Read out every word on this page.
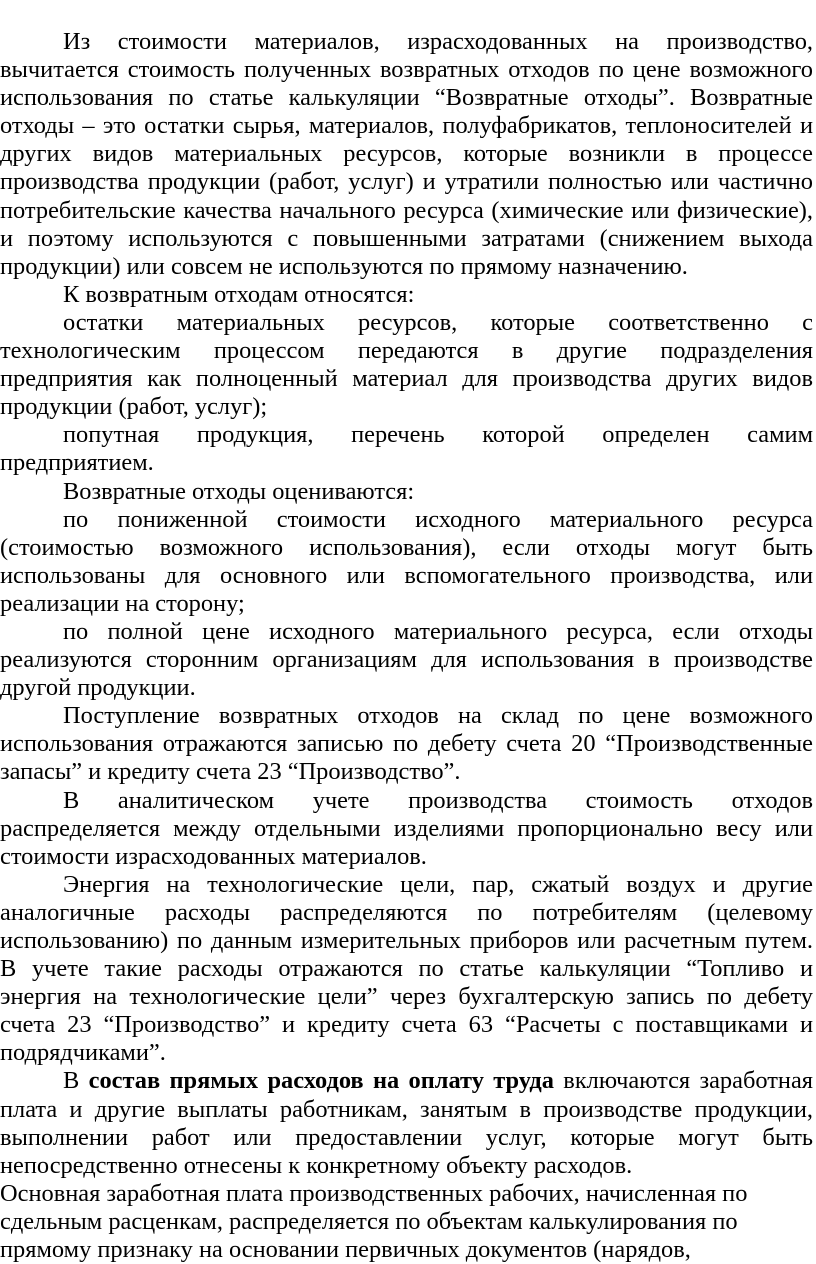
Из стоимости материалов, израсходованных на производство, вычитается стоимость полученных возвратных отходов по цене возможного использования по статье калькуляции “Возвратные отходы”. Возвратные отходы – это остатки сырья, материалов, полуфабрикатов, теплоносителей и других видов материальных ресурсов, которые возникли в процессе производства продукции (работ, услуг) и утратили полностью или частично потребительские качества начального ресурса (химические или физические), и поэтому используются с повышенными затратами (снижением выхода продукции) или совсем не используются по прямому назначению.

К возвратным отходам относятся:

остатки материальных ресурсов, которые соответственно с технологическим процессом передаются в другие подразделения предприятия как полноценный материал для производства других видов продукции (работ, услуг);

попутная продукция, перечень которой определен самим предприятием.

Возвратные отходы оцениваются:

по пониженной стоимости исходного материального ресурса (стоимостью возможного использования), если отходы могут быть использованы для основного или вспомогательного производства, или реализации на сторону;

по полной цене исходного материального ресурса, если отходы реализуются сторонним организациям для использования в производстве другой продукции.

Поступление возвратных отходов на склад по цене возможного использования отражаются записью по дебету счета 20 “Производственные запасы” и кредиту счета 23 “Производство”.

В аналитическом учете производства стоимость отходов распределяется между отдельными изделиями пропорционально весу или стоимости израсходованных материалов.

Энергия на технологические цели, пар, сжатый воздух и другие аналогичные расходы распределяются по потребителям (целевому использованию) по данным измерительных приборов или расчетным путем. В учете такие расходы отражаются по статье калькуляции “Топливо и энергия на технологические цели” через бухгалтерскую запись по дебету счета 23 “Производство” и кредиту счета 63 “Расчеты с поставщиками и подрядчиками”.

В состав прямых расходов на оплату труда включаются заработная плата и другие выплаты работникам, занятым в производстве продукции, выполнении работ или предоставлении услуг, которые могут быть непосредственно отнесены к конкретному объекту расходов.

Основная заработная плата производственных рабочих, начисленная по
сдельным расценкам, распределяется по объектам калькулирования по
прямому признаку на основании первичных документов (нарядов,
